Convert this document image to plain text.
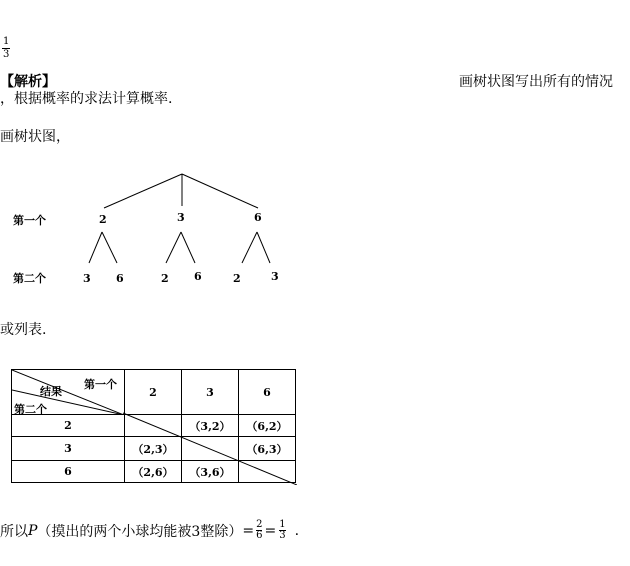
1
3
【解析】	画树状图写出所有的情况
，根据概率的求法计算概率.
画树状图，
第一个
第二个
2	3	6
3 6	2 6	2	3
或列表.
第一个
结果
第二个	2	3	6
2		（3,2）	（6,2）
3	（2,3）		（6,3）
6	（2,6）	（3,6）	
所以 P （摸出的两个小球均能被3整除） = 2
6 = 1
3 .
